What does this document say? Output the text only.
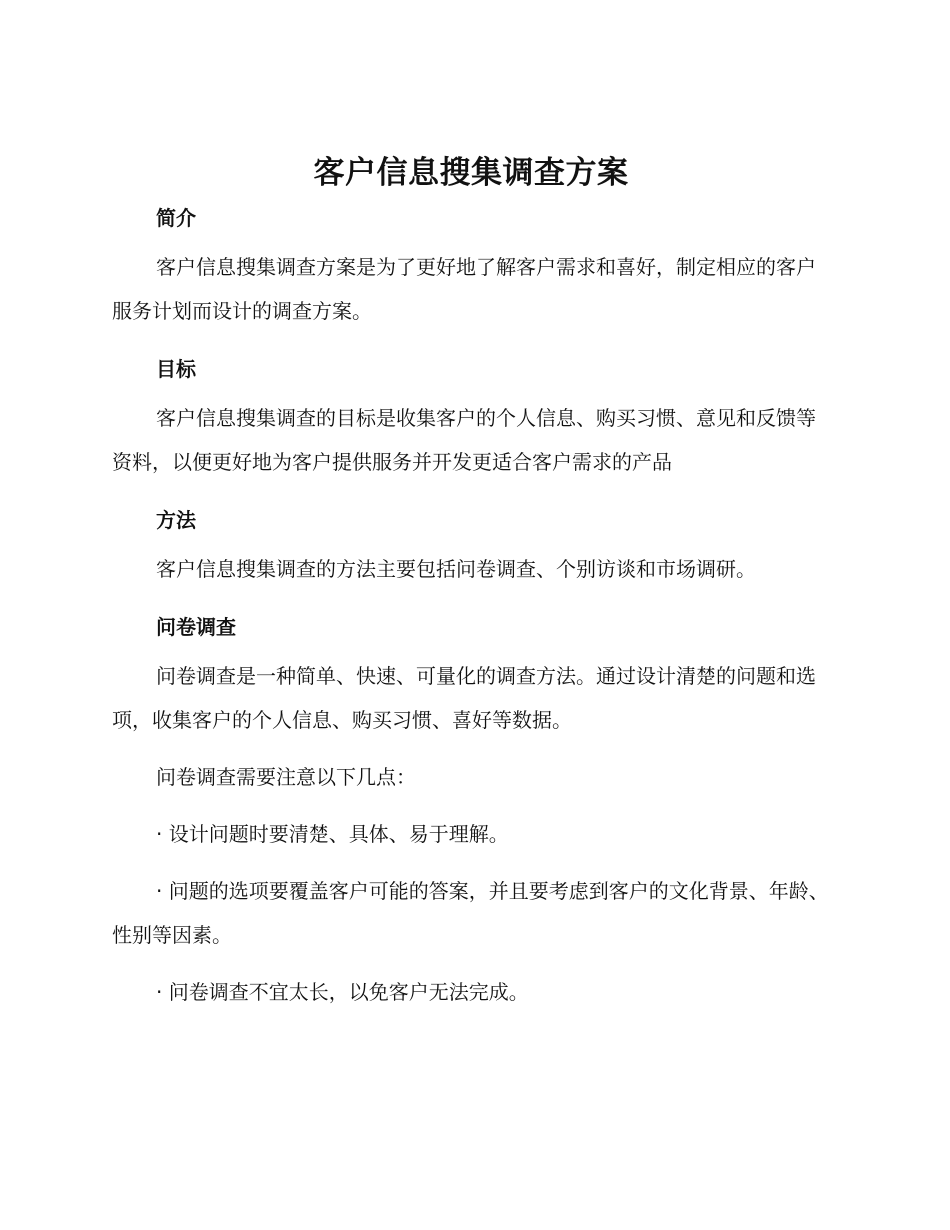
客户信息搜集调查方案
简介

客户信息搜集调查方案是为了更好地了解客户需求和喜好，制定相应的客户服务计划而设计的调查方案。

目标

客户信息搜集调查的目标是收集客户的个人信息、购买习惯、意见和反馈等资料，以便更好地为客户提供服务并开发更适合客户需求的产品

方法

客户信息搜集调查的方法主要包括问卷调查、个别访谈和市场调研。

问卷调查

问卷调查是一种简单、快速、可量化的调查方法。通过设计清楚的问题和选项，收集客户的个人信息、购买习惯、喜好等数据。

问卷调查需要注意以下几点：

· 设计问题时要清楚、具体、易于理解。

· 问题的选项要覆盖客户可能的答案，并且要考虑到客户的文化背景、年龄、性别等因素。

· 问卷调查不宜太长，以免客户无法完成。
